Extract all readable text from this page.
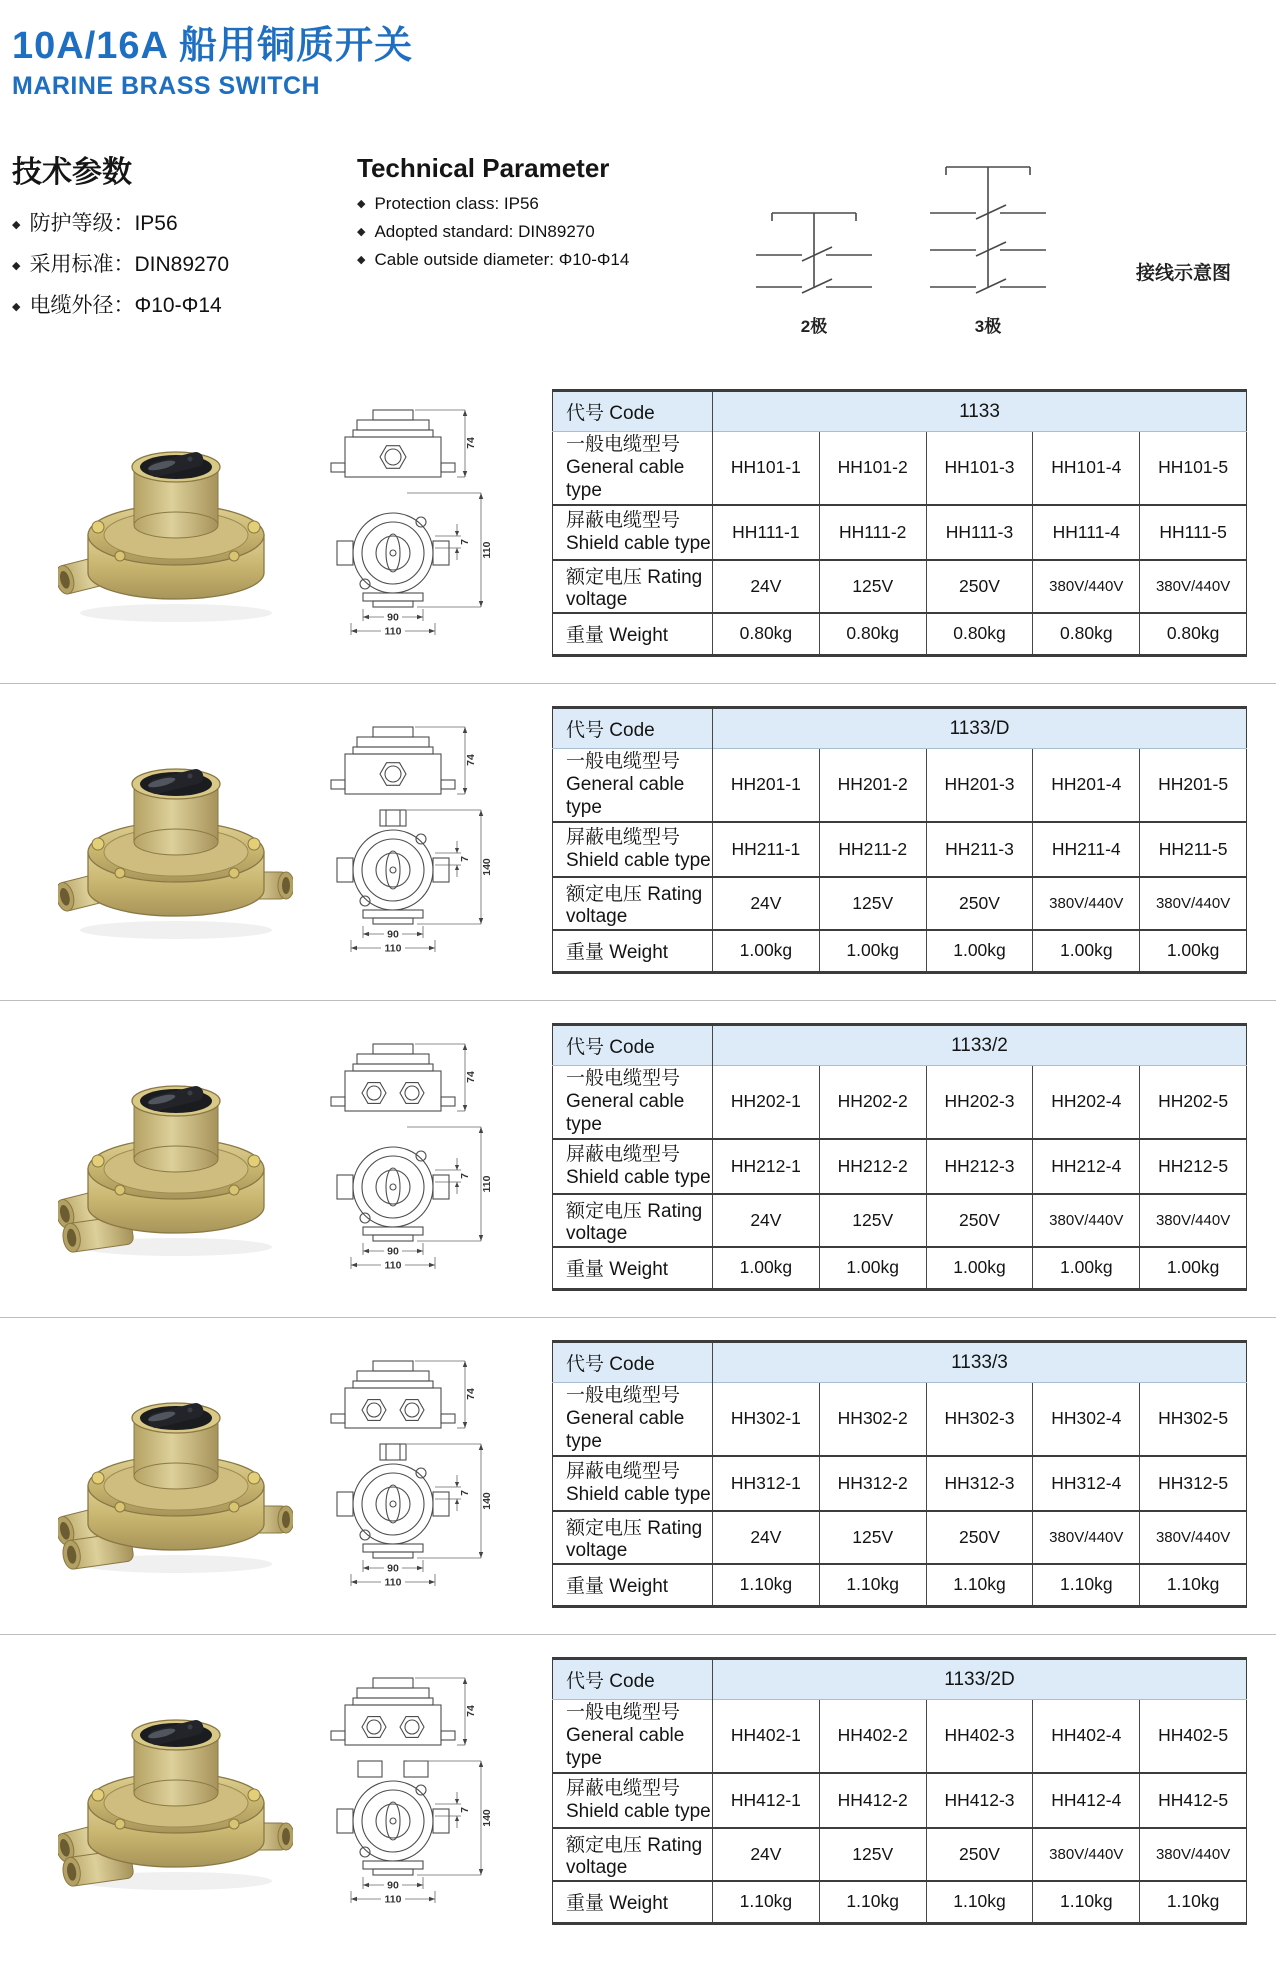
10A/16A 船用铜质开关
MARINE BRASS SWITCH
技术参数
◆ 防护等级：IP56
◆ 采用标准：DIN89270
◆ 电缆外径：Φ10-Φ14
Technical Parameter
◆ Protection class: IP56
◆ Adopted standard: DIN89270
◆ Cable outside diameter: Φ10-Φ14
2极	3极
接线示意图
74
7 110
90
110
代号 Code	1133				

一般电缆型号
General cable type	HH101-1	HH101-2	HH101-3	HH101-4	HH101-5

屏蔽电缆型号
Shield cable type	HH111-1	HH111-2	HH111-3	HH111-4	HH111-5
额定电压 Rating voltage	24V	125V	250V	380V/440V	380V/440V
重量 Weight	0.80kg	0.80kg	0.80kg	0.80kg	0.80kg
74
7 140
90
110
代号 Code	1133/D				

一般电缆型号
General cable type	HH201-1	HH201-2	HH201-3	HH201-4	HH201-5

屏蔽电缆型号
Shield cable type	HH211-1	HH211-2	HH211-3	HH211-4	HH211-5
额定电压 Rating voltage	24V	125V	250V	380V/440V	380V/440V
重量 Weight	1.00kg	1.00kg	1.00kg	1.00kg	1.00kg
74
7 110
90
110
代号 Code	1133/2				

一般电缆型号
General cable type	HH202-1	HH202-2	HH202-3	HH202-4	HH202-5

屏蔽电缆型号
Shield cable type	HH212-1	HH212-2	HH212-3	HH212-4	HH212-5
额定电压 Rating voltage	24V	125V	250V	380V/440V	380V/440V
重量 Weight	1.00kg	1.00kg	1.00kg	1.00kg	1.00kg
74
7 140
90
110
代号 Code	1133/3				

一般电缆型号
General cable type	HH302-1	HH302-2	HH302-3	HH302-4	HH302-5

屏蔽电缆型号
Shield cable type	HH312-1	HH312-2	HH312-3	HH312-4	HH312-5
额定电压 Rating voltage	24V	125V	250V	380V/440V	380V/440V
重量 Weight	1.10kg	1.10kg	1.10kg	1.10kg	1.10kg
74
7 140
90
110
代号 Code	1133/2D				

一般电缆型号
General cable type	HH402-1	HH402-2	HH402-3	HH402-4	HH402-5

屏蔽电缆型号
Shield cable type	HH412-1	HH412-2	HH412-3	HH412-4	HH412-5
额定电压 Rating voltage	24V	125V	250V	380V/440V	380V/440V
重量 Weight	1.10kg	1.10kg	1.10kg	1.10kg	1.10kg
